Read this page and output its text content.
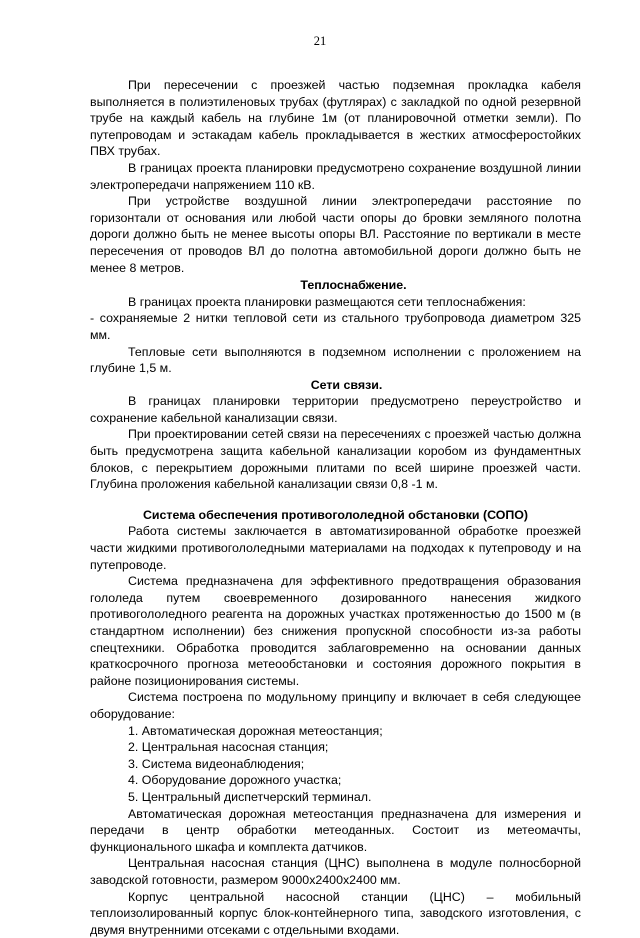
21

При пересечении с проезжей частью подземная прокладка кабеля выполняется в полиэтиленовых трубах (футлярах) с закладкой по одной резервной трубе на каждый кабель на глубине 1м (от планировочной отметки земли). По путепроводам и эстакадам кабель прокладывается в жестких атмосферостойких ПВХ трубах.

В границах проекта планировки предусмотрено сохранение воздушной линии электропередачи напряжением 110 кВ.

При устройстве воздушной линии электропередачи расстояние по горизонтали от основания или любой части опоры до бровки земляного полотна дороги должно быть не менее высоты опоры ВЛ. Расстояние по вертикали в месте пересечения от проводов ВЛ до полотна автомобильной дороги должно быть не менее 8 метров.

Теплоснабжение.

В границах проекта планировки размещаются сети теплоснабжения:

- сохраняемые 2 нитки тепловой сети из стального трубопровода диаметром 325 мм.

Тепловые сети выполняются в подземном исполнении с проложением на глубине 1,5 м.

Сети связи.

В границах планировки территории предусмотрено переустройство и сохранение кабельной канализации связи.

При проектировании сетей связи на пересечениях с проезжей частью должна быть предусмотрена защита кабельной канализации коробом из фундаментных блоков, с перекрытием дорожными плитами по всей ширине проезжей части. Глубина проложения кабельной канализации связи 0,8 -1 м.

Система обеспечения противогололедной обстановки (СОПО)

Работа системы заключается в автоматизированной обработке проезжей части жидкими противогололедными материалами на подходах к путепроводу и на путепроводе.

Система предназначена для эффективного предотвращения образования гололеда путем своевременного дозированного нанесения жидкого противогололедного реагента на дорожных участках протяженностью до 1500 м (в стандартном исполнении) без снижения пропускной способности из-за работы спецтехники. Обработка проводится заблаговременно на основании данных краткосрочного прогноза метеообстановки и состояния дорожного покрытия в районе позиционирования системы.

Система построена по модульному принципу и включает в себя следующее оборудование:

1. Автоматическая дорожная метеостанция;
2. Центральная насосная станция;
3. Система видеонаблюдения;
4. Оборудование дорожного участка;
5. Центральный диспетчерский терминал.

Автоматическая дорожная метеостанция предназначена для измерения и передачи в центр обработки метеоданных. Состоит из метеомачты, функционального шкафа и комплекта датчиков.

Центральная насосная станция (ЦНС) выполнена в модуле полносборной заводской готовности, размером 9000х2400х2400 мм.

Корпус центральной насосной станции (ЦНС) – мобильный теплоизолированный корпус блок-контейнерного типа, заводского изготовления, с двумя внутренними отсеками с отдельными входами.
